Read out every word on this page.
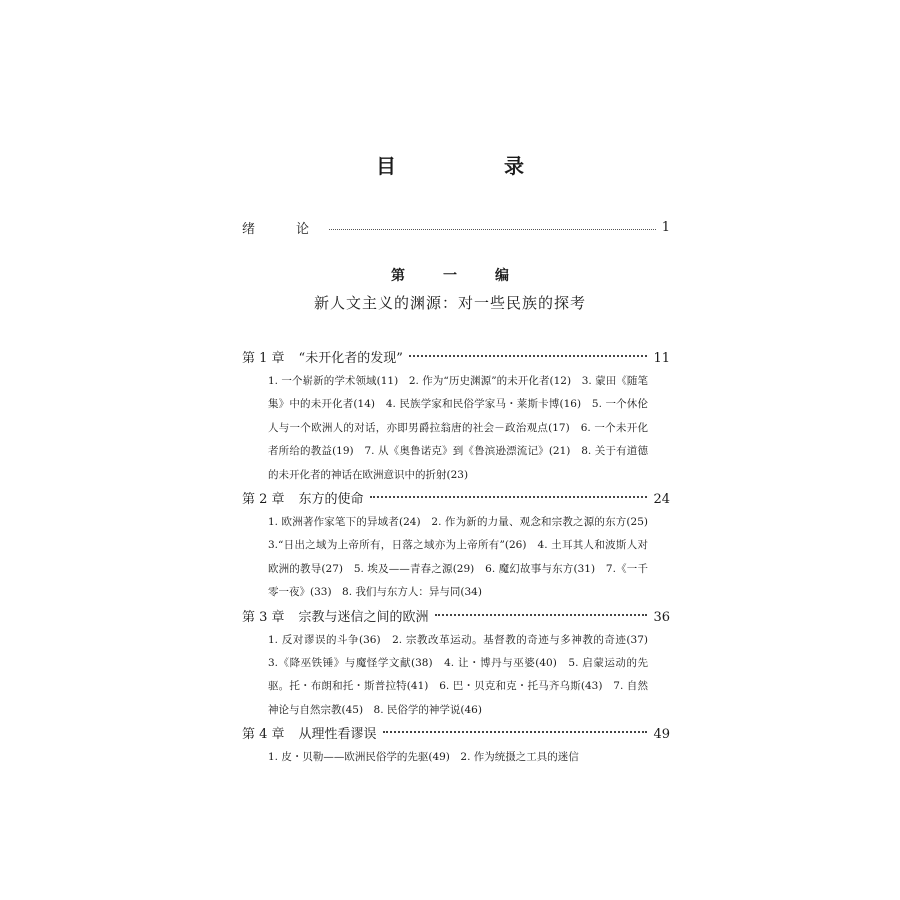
目　录
绪　论	1
第　一　编
新人文主义的渊源：对一些民族的探考
第 1 章 “未开化者的发现”	11
1. 一个崭新的学术领域(11)　2. 作为“历史渊源”的未开化者(12)　3. 蒙田《随笔集》中的未开化者(14)　4. 民族学家和民俗学家马・莱斯卡博(16)　5. 一个休伦人与一个欧洲人的对话，亦即男爵拉翁唐的社会－政治观点(17)　6. 一个未开化者所给的教益(19)　7. 从《奥鲁诺克》到《鲁滨逊漂流记》(21)　8. 关于有道德的未开化者的神话在欧洲意识中的折射(23)
第 2 章 东方的使命	24
1. 欧洲著作家笔下的异域者(24)　2. 作为新的力量、观念和宗教之源的东方(25)　3.“日出之域为上帝所有，日落之域亦为上帝所有”(26)　4. 土耳其人和波斯人对欧洲的教导(27)　5. 埃及——青春之源(29)　6. 魔幻故事与东方(31)　7.《一千零一夜》(33)　8. 我们与东方人：异与同(34)
第 3 章 宗教与迷信之间的欧洲	36
1. 反对谬误的斗争(36)　2. 宗教改革运动。基督教的奇迹与多神教的奇迹(37)　3.《降巫铁锤》与魔怪学文献(38)　4. 让・博丹与巫婆(40)　5. 启蒙运动的先驱。托・布朗和托・斯普拉特(41)　6. 巴・贝克和克・托马齐乌斯(43)　7. 自然神论与自然宗教(45)　8. 民俗学的神学说(46)
第 4 章 从理性看谬误	49
1. 皮・贝勒——欧洲民俗学的先驱(49)　2. 作为统摄之工具的迷信
